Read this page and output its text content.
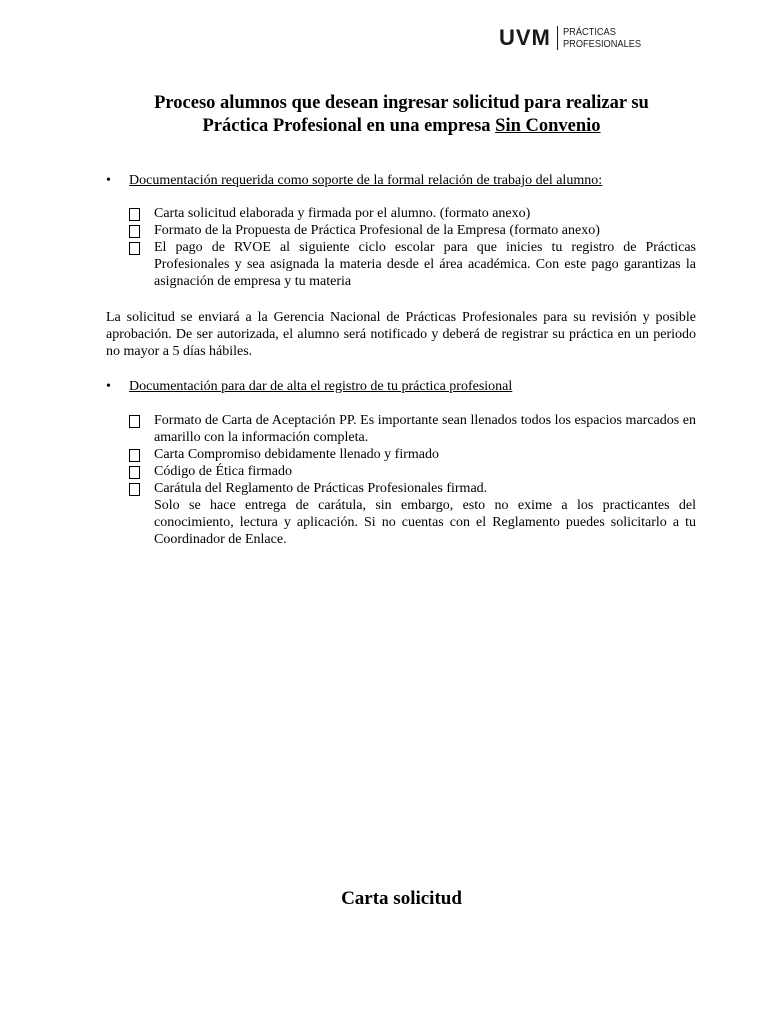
UVM PRÁCTICAS
PROFESIONALES
Proceso alumnos que desean ingresar solicitud para realizar su
Práctica Profesional en una empresa Sin Convenio
•	Documentación requerida como soporte de la formal relación de trabajo del alumno:
Carta solicitud elaborada y firmada por el alumno. (formato anexo)
Formato de la Propuesta de Práctica Profesional de la Empresa (formato anexo)
El pago de RVOE al siguiente ciclo escolar para que inicies tu registro de Prácticas Profesionales y sea asignada la materia desde el área académica. Con este pago garantizas la asignación de empresa y tu materia
La solicitud se enviará a la Gerencia Nacional de Prácticas Profesionales para su revisión y posible aprobación. De ser autorizada, el alumno será notificado y deberá de registrar su práctica en un periodo no mayor a 5 días hábiles.
•	Documentación para dar de alta el registro de tu práctica profesional
Formato de Carta de Aceptación PP. Es importante sean llenados todos los espacios marcados en amarillo con la información completa.
Carta Compromiso debidamente llenado y firmado
Código de Ética firmado
Carátula del Reglamento de Prácticas Profesionales firmad.
Solo se hace entrega de carátula, sin embargo, esto no exime a los practicantes del conocimiento, lectura y aplicación. Si no cuentas con el Reglamento puedes solicitarlo a tu Coordinador de Enlace.
Carta solicitud
